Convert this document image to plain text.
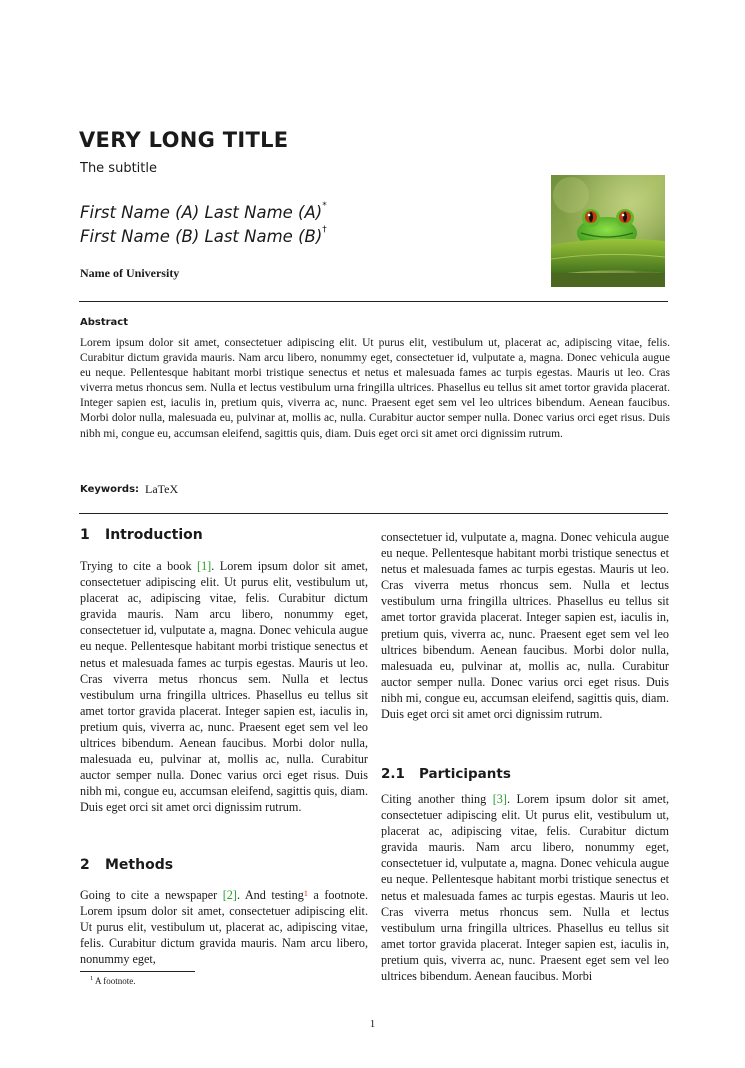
VERY LONG TITLE
The subtitle
First Name (A) Last Name (A)*
First Name (B) Last Name (B)†
Name of University
Abstract
Lorem ipsum dolor sit amet, consectetuer adipiscing elit. Ut purus elit, vestibulum ut, placerat ac, adipiscing vitae, felis. Curabitur dictum gravida mauris. Nam arcu libero, nonummy eget, consectetuer id, vulputate a, magna. Donec vehicula augue eu neque. Pellentesque habitant morbi tristique senectus et netus et malesuada fames ac turpis egestas. Mauris ut leo. Cras viverra metus rhoncus sem. Nulla et lectus vestibulum urna fringilla ultrices. Phasellus eu tellus sit amet tortor gravida placerat. Integer sapien est, iaculis in, pretium quis, viverra ac, nunc. Praesent eget sem vel leo ultrices bibendum. Aenean faucibus. Morbi dolor nulla, malesuada eu, pulvinar at, mollis ac, nulla. Curabitur auctor semper nulla. Donec varius orci eget risus. Duis nibh mi, congue eu, accumsan eleifend, sagittis quis, diam. Duis eget orci sit amet orci dignissim rutrum.
Keywords: LaTeX
1 Introduction
Trying to cite a book [1]. Lorem ipsum dolor sit amet, consectetuer adipiscing elit. Ut purus elit, vestibulum ut, placerat ac, adipiscing vitae, felis. Curabitur dictum gravida mauris. Nam arcu libero, nonummy eget, consectetuer id, vulputate a, magna. Donec vehicula augue eu neque. Pellentesque habitant morbi tristique senectus et netus et malesuada fames ac turpis egestas. Mauris ut leo. Cras viverra metus rhoncus sem. Nulla et lectus vestibulum urna fringilla ultrices. Phasellus eu tellus sit amet tortor gravida placerat. Integer sapien est, iaculis in, pretium quis, viverra ac, nunc. Praesent eget sem vel leo ultrices bibendum. Aenean faucibus. Morbi dolor nulla, malesuada eu, pulvinar at, mollis ac, nulla. Curabitur auctor semper nulla. Donec varius orci eget risus. Duis nibh mi, congue eu, accumsan eleifend, sagittis quis, diam. Duis eget orci sit amet orci dignissim rutrum.
2 Methods
Going to cite a newspaper [2]. And testing$^1$ a footnote. Lorem ipsum dolor sit amet, consectetuer adipiscing elit. Ut purus elit, vestibulum ut, placerat ac, adipiscing vitae, felis. Curabitur dictum gravida mauris. Nam arcu libero, nonummy eget,
$^1$ A footnote.
consectetuer id, vulputate a, magna. Donec vehicula augue eu neque. Pellentesque habitant morbi tristique senectus et netus et malesuada fames ac turpis egestas. Mauris ut leo. Cras viverra metus rhoncus sem. Nulla et lectus vestibulum urna fringilla ultrices. Phasellus eu tellus sit amet tortor gravida placerat. Integer sapien est, iaculis in, pretium quis, viverra ac, nunc. Praesent eget sem vel leo ultrices bibendum. Aenean faucibus. Morbi dolor nulla, malesuada eu, pulvinar at, mollis ac, nulla. Curabitur auctor semper nulla. Donec varius orci eget risus. Duis nibh mi, congue eu, accumsan eleifend, sagittis quis, diam. Duis eget orci sit amet orci dignissim rutrum.
2.1 Participants
Citing another thing [3]. Lorem ipsum dolor sit amet, consectetuer adipiscing elit. Ut purus elit, vestibulum ut, placerat ac, adipiscing vitae, felis. Curabitur dictum gravida mauris. Nam arcu libero, nonummy eget, consectetuer id, vulputate a, magna. Donec vehicula augue eu neque. Pellentesque habitant morbi tristique senectus et netus et malesuada fames ac turpis egestas. Mauris ut leo. Cras viverra metus rhoncus sem. Nulla et lectus vestibulum urna fringilla ultrices. Phasellus eu tellus sit amet tortor gravida placerat. Integer sapien est, iaculis in, pretium quis, viverra ac, nunc. Praesent eget sem vel leo ultrices bibendum. Aenean faucibus. Morbi
1
